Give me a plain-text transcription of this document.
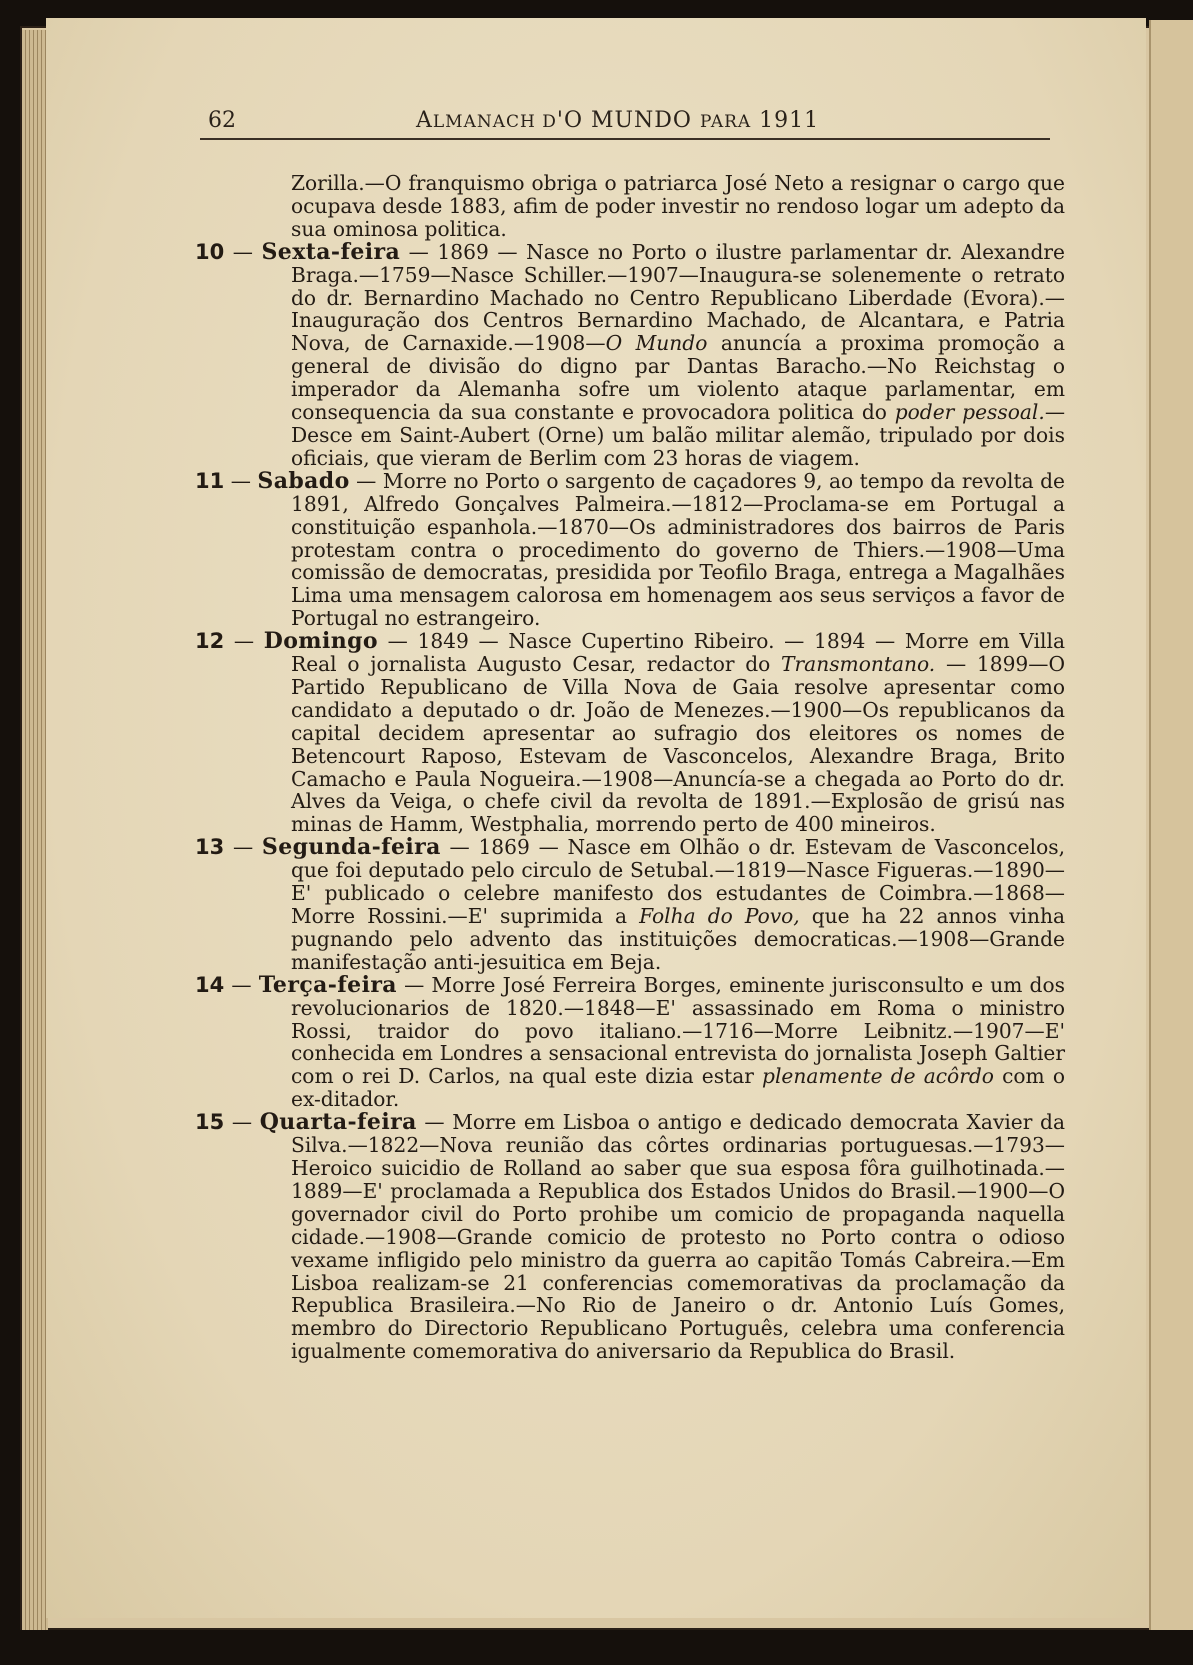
62	ALMANACH D'O MUNDO PARA 1911

Zorilla.—O franquismo obriga o patriarca José Neto a resignar o cargo que ocupava desde 1883, afim de poder investir no rendoso logar um adepto da sua ominosa politica.

10 — Sexta-feira — 1869 — Nasce no Porto o ilustre parlamentar dr. Alexandre Braga.—1759—Nasce Schiller.—1907—Inaugura-se solenemente o retrato do dr. Bernardino Machado no Centro Republicano Liberdade (Evora).—Inauguração dos Centros Bernardino Machado, de Alcantara, e Patria Nova, de Carnaxide.—1908—O Mundo anuncía a proxima promoção a general de divisão do digno par Dantas Baracho.—No Reichstag o imperador da Alemanha sofre um violento ataque parlamentar, em consequencia da sua constante e provocadora politica do poder pessoal.—Desce em Saint-Aubert (Orne) um balão militar alemão, tripulado por dois oficiais, que vieram de Berlim com 23 horas de viagem.

11 — Sabado — Morre no Porto o sargento de caçadores 9, ao tempo da revolta de 1891, Alfredo Gonçalves Palmeira.—1812—Proclama-se em Portugal a constituição espanhola.—1870—Os administradores dos bairros de Paris protestam contra o procedimento do governo de Thiers.—1908—Uma comissão de democratas, presidida por Teofilo Braga, entrega a Magalhães Lima uma mensagem calorosa em homenagem aos seus serviços a favor de Portugal no estrangeiro.

12 — Domingo — 1849 — Nasce Cupertino Ribeiro. — 1894 — Morre em Villa Real o jornalista Augusto Cesar, redactor do Transmontano. — 1899—O Partido Republicano de Villa Nova de Gaia resolve apresentar como candidato a deputado o dr. João de Menezes.—1900—Os republicanos da capital decidem apresentar ao sufragio dos eleitores os nomes de Betencourt Raposo, Estevam de Vasconcelos, Alexandre Braga, Brito Camacho e Paula Nogueira.—1908—Anuncía-se a chegada ao Porto do dr. Alves da Veiga, o chefe civil da revolta de 1891.—Explosão de grisú nas minas de Hamm, Westphalia, morrendo perto de 400 mineiros.

13 — Segunda-feira — 1869 — Nasce em Olhão o dr. Estevam de Vasconcelos, que foi deputado pelo circulo de Setubal.—1819—Nasce Figueras.—1890—E' publicado o celebre manifesto dos estudantes de Coimbra.—1868—Morre Rossini.—E' suprimida a Folha do Povo, que ha 22 annos vinha pugnando pelo advento das instituições democraticas.—1908—Grande manifestação anti-jesuitica em Beja.

14 — Terça-feira — Morre José Ferreira Borges, eminente jurisconsulto e um dos revolucionarios de 1820.—1848—E' assassinado em Roma o ministro Rossi, traidor do povo italiano.—1716—Morre Leibnitz.—1907—E' conhecida em Londres a sensacional entrevista do jornalista Joseph Galtier com o rei D. Carlos, na qual este dizia estar plenamente de acôrdo com o ex-ditador.

15 — Quarta-feira — Morre em Lisboa o antigo e dedicado democrata Xavier da Silva.—1822—Nova reunião das côrtes ordinarias portuguesas.—1793—Heroico suicidio de Rolland ao saber que sua esposa fôra guilhotinada.—1889—E' proclamada a Republica dos Estados Unidos do Brasil.—1900—O governador civil do Porto prohibe um comicio de propaganda naquella cidade.—1908—Grande comicio de protesto no Porto contra o odioso vexame infligido pelo ministro da guerra ao capitão Tomás Cabreira.—Em Lisboa realizam-se 21 conferencias comemorativas da proclamação da Republica Brasileira.—No Rio de Janeiro o dr. Antonio Luís Gomes, membro do Directorio Republicano Português, celebra uma conferencia igualmente comemorativa do aniversario da Republica do Brasil.
